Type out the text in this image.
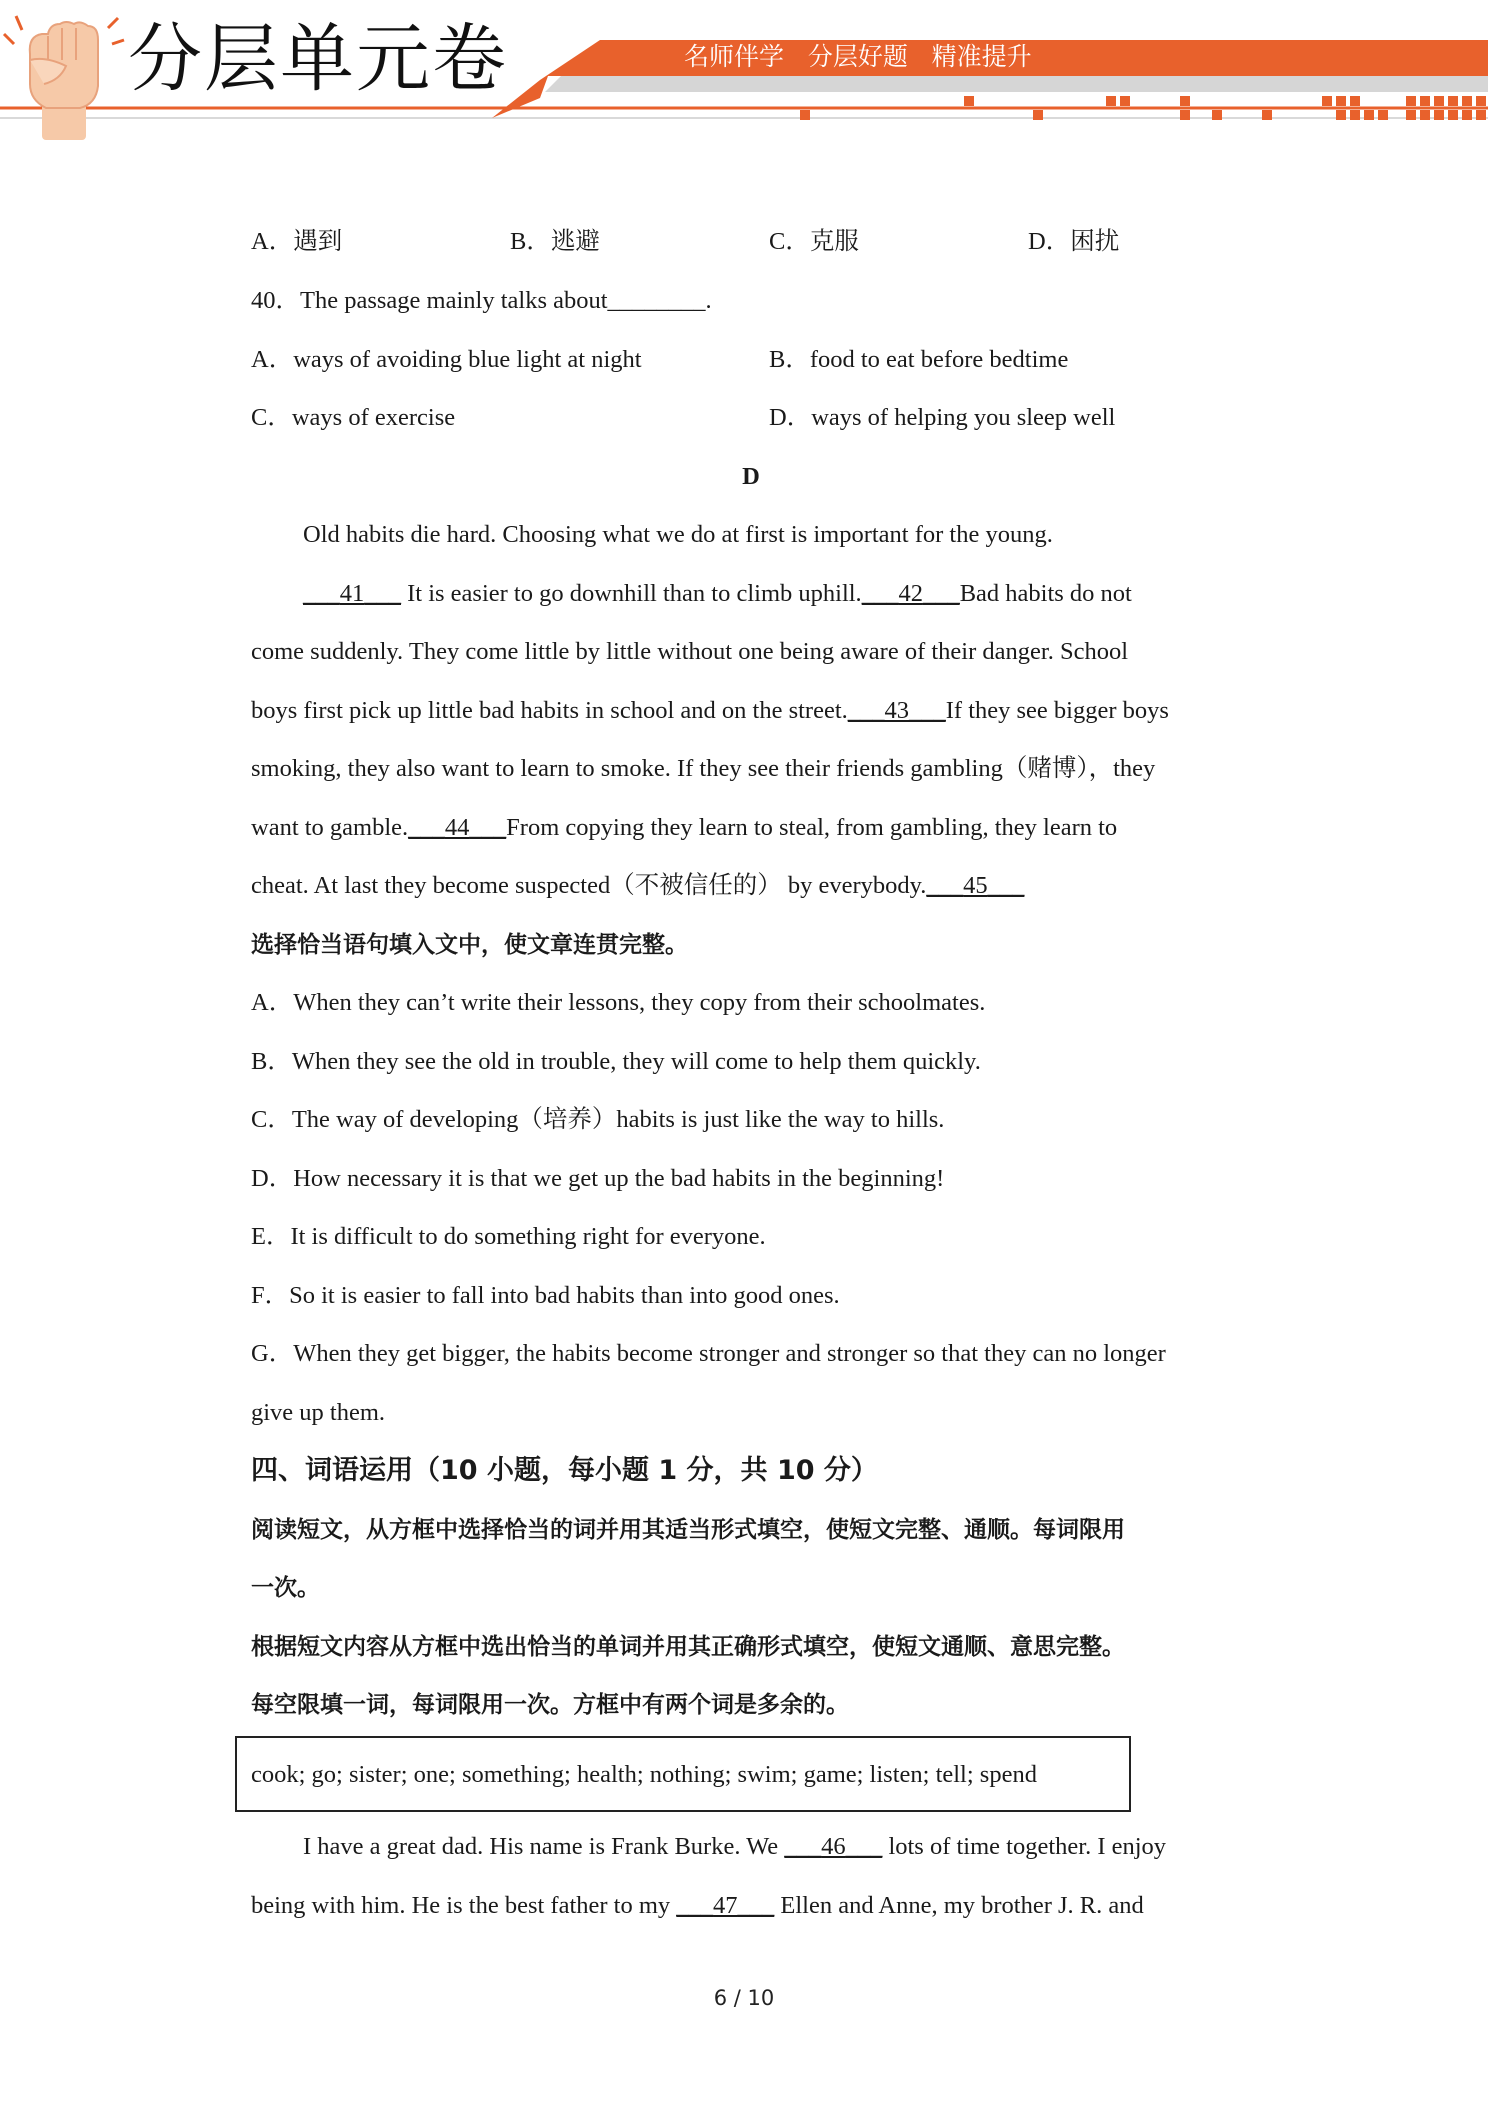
分层单元卷	名师伴学   分层好题   精准提升
A．遇到	B．逃避	C．克服	D．困扰
40．The passage mainly talks about________.
A．ways of avoiding blue light at night	B．food to eat before bedtime
C．ways of exercise	D．ways of helping you sleep well
D
Old habits die hard. Choosing what we do at first is important for the young.
___41___ It is easier to go downhill than to climb uphill.___42___Bad habits do not
come suddenly. They come little by little without one being aware of their danger. School
boys first pick up little bad habits in school and on the street.___43___If they see bigger boys
smoking, they also want to learn to smoke. If they see their friends gambling（赌博），they
want to gamble.___44___From copying they learn to steal, from gambling, they learn to
cheat. At last they become suspected（不被信任的） by everybody.___45___
选择恰当语句填入文中，使文章连贯完整。
A．When they can’t write their lessons, they copy from their schoolmates.
B．When they see the old in trouble, they will come to help them quickly.
C．The way of developing（培养）habits is just like the way to hills.
D．How necessary it is that we get up the bad habits in the beginning!
E．It is difficult to do something right for everyone.
F．So it is easier to fall into bad habits than into good ones.
G．When they get bigger, the habits become stronger and stronger so that they can no longer
give up them.
四、词语运用（10 小题，每小题 1 分，共 10 分）
阅读短文，从方框中选择恰当的词并用其适当形式填空，使短文完整、通顺。每词限用
一次。
根据短文内容从方框中选出恰当的单词并用其正确形式填空，使短文通顺、意思完整。
每空限填一词，每词限用一次。方框中有两个词是多余的。
cook; go; sister; one; something; health; nothing; swim; game; listen; tell; spend
I have a great dad. His name is Frank Burke. We ___46___ lots of time together. I enjoy
being with him. He is the best father to my ___47___ Ellen and Anne, my brother J. R. and
6 / 10
